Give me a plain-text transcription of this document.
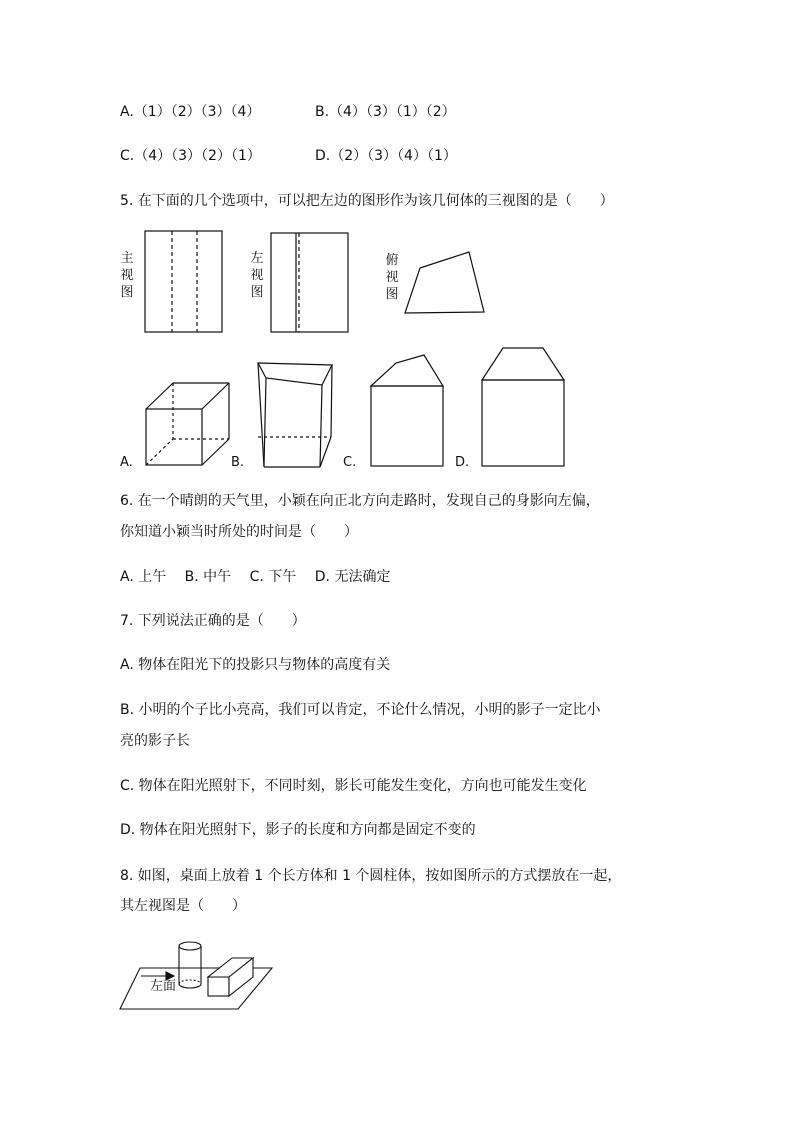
A.（1）（2）（3）（4）	B.（4）（3）（1）（2）
C.（4）（3）（2）（1）	D.（2）（3）（4）（1）
5. 在下面的几个选项中，可以把左边的图形作为该几何体的三视图的是（　　）
主视图
左视图
俯视图
A.	B.	C.	D.
6. 在一个晴朗的天气里，小颖在向正北方向走路时，发现自己的身影向左偏，
你知道小颖当时所处的时间是（　　）
A. 上午　 B. 中午　 C. 下午　 D. 无法确定
7. 下列说法正确的是（　　）
A. 物体在阳光下的投影只与物体的高度有关
B. 小明的个子比小亮高，我们可以肯定，不论什么情况，小明的影子一定比小
亮的影子长
C. 物体在阳光照射下，不同时刻，影长可能发生变化，方向也可能发生变化
D. 物体在阳光照射下，影子的长度和方向都是固定不变的
8. 如图，桌面上放着 1 个长方体和 1 个圆柱体，按如图所示的方式摆放在一起，
其左视图是（　　）
左面
